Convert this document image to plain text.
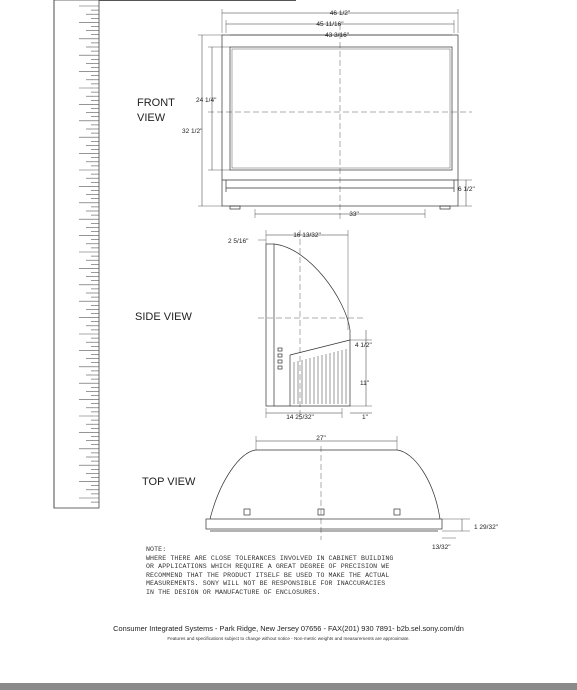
46 1/2"
45 11/16"
43 3/16"
24 1/4"
32 1/2"
6 1/2"
33"
FRONT
VIEW
2 5/16"
16 13/32"
SIDE VIEW
4 1/2"
11"
14 25/32"	1"
27"
TOP VIEW
1 29/32"
13/32"
NOTE:
WHERE THERE ARE CLOSE TOLERANCES INVOLVED IN CABINET BUILDING
OR APPLICATIONS WHICH REQUIRE A GREAT DEGREE OF PRECISION WE
RECOMMEND THAT THE PRODUCT ITSELF BE USED TO MAKE THE ACTUAL
MEASUREMENTS. SONY WILL NOT BE RESPONSIBLE FOR INACCURACIES
IN THE DESIGN OR MANUFACTURE OF ENCLOSURES.
Consumer Integrated Systems - Park Ridge, New Jersey 07656 - FAX(201) 930 7891- b2b.sel.sony.com/dn
Features and specifications subject to change without notice - Non-metric weights and measurements are approximate.
